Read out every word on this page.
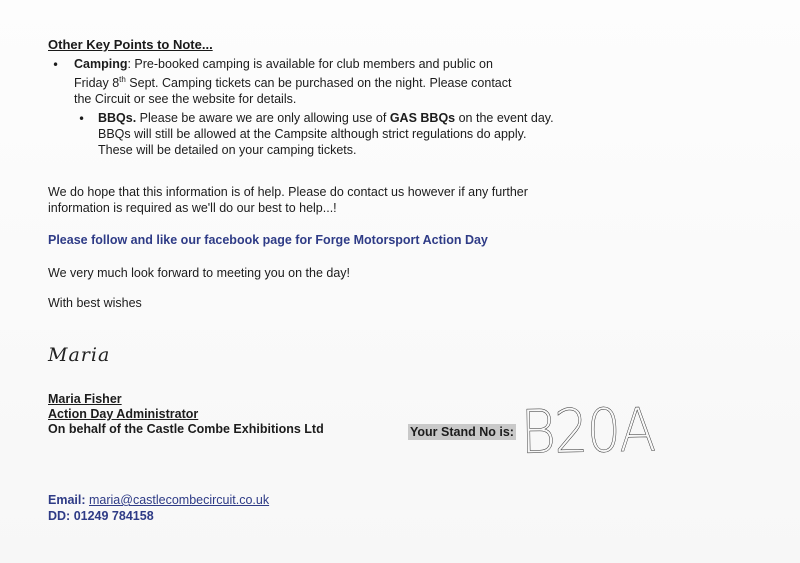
Other Key Points to Note...
• Camping: Pre-booked camping is available for club members and public on
Friday 8th Sept. Camping tickets can be purchased on the night. Please contact
the Circuit or see the website for details.
• BBQs. Please be aware we are only allowing use of GAS BBQs on the event day.
BBQs will still be allowed at the Campsite although strict regulations do apply.
These will be detailed on your camping tickets.
We do hope that this information is of help. Please do contact us however if any further
information is required as we'll do our best to help...!
Please follow and like our facebook page for Forge Motorsport Action Day
We very much look forward to meeting you on the day!
With best wishes
Maria
Maria Fisher
Action Day Administrator
On behalf of the Castle Combe Exhibitions Ltd	Your Stand No is: B20A
Email: maria@castlecombecircuit.co.uk
DD: 01249 784158
